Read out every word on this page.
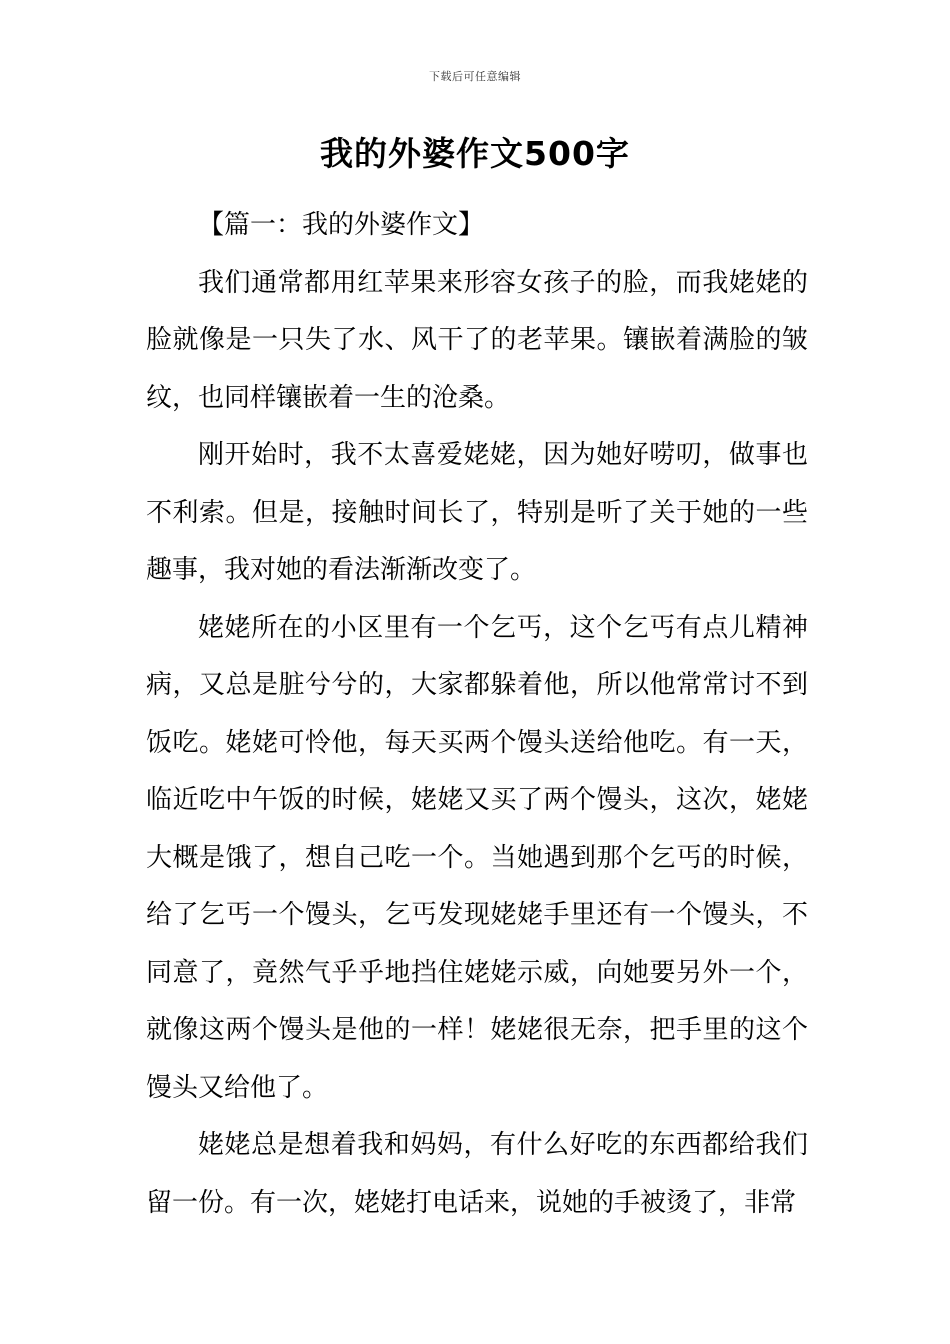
下载后可任意编辑
我的外婆作文500字

【篇一：我的外婆作文】

我们通常都用红苹果来形容女孩子的脸，而我姥姥的脸就像是一只失了水、风干了的老苹果。镶嵌着满脸的皱纹，也同样镶嵌着一生的沧桑。

刚开始时，我不太喜爱姥姥，因为她好唠叨，做事也不利索。但是，接触时间长了，特别是听了关于她的一些趣事，我对她的看法渐渐改变了。

姥姥所在的小区里有一个乞丐，这个乞丐有点儿精神病，又总是脏兮兮的，大家都躲着他，所以他常常讨不到饭吃。姥姥可怜他，每天买两个馒头送给他吃。有一天，临近吃中午饭的时候，姥姥又买了两个馒头，这次，姥姥大概是饿了，想自己吃一个。当她遇到那个乞丐的时候，给了乞丐一个馒头，乞丐发现姥姥手里还有一个馒头，不同意了，竟然气乎乎地挡住姥姥示威，向她要另外一个，就像这两个馒头是他的一样！姥姥很无奈，把手里的这个馒头又给他了。

姥姥总是想着我和妈妈，有什么好吃的东西都给我们留一份。有一次，姥姥打电话来，说她的手被烫了，非常
